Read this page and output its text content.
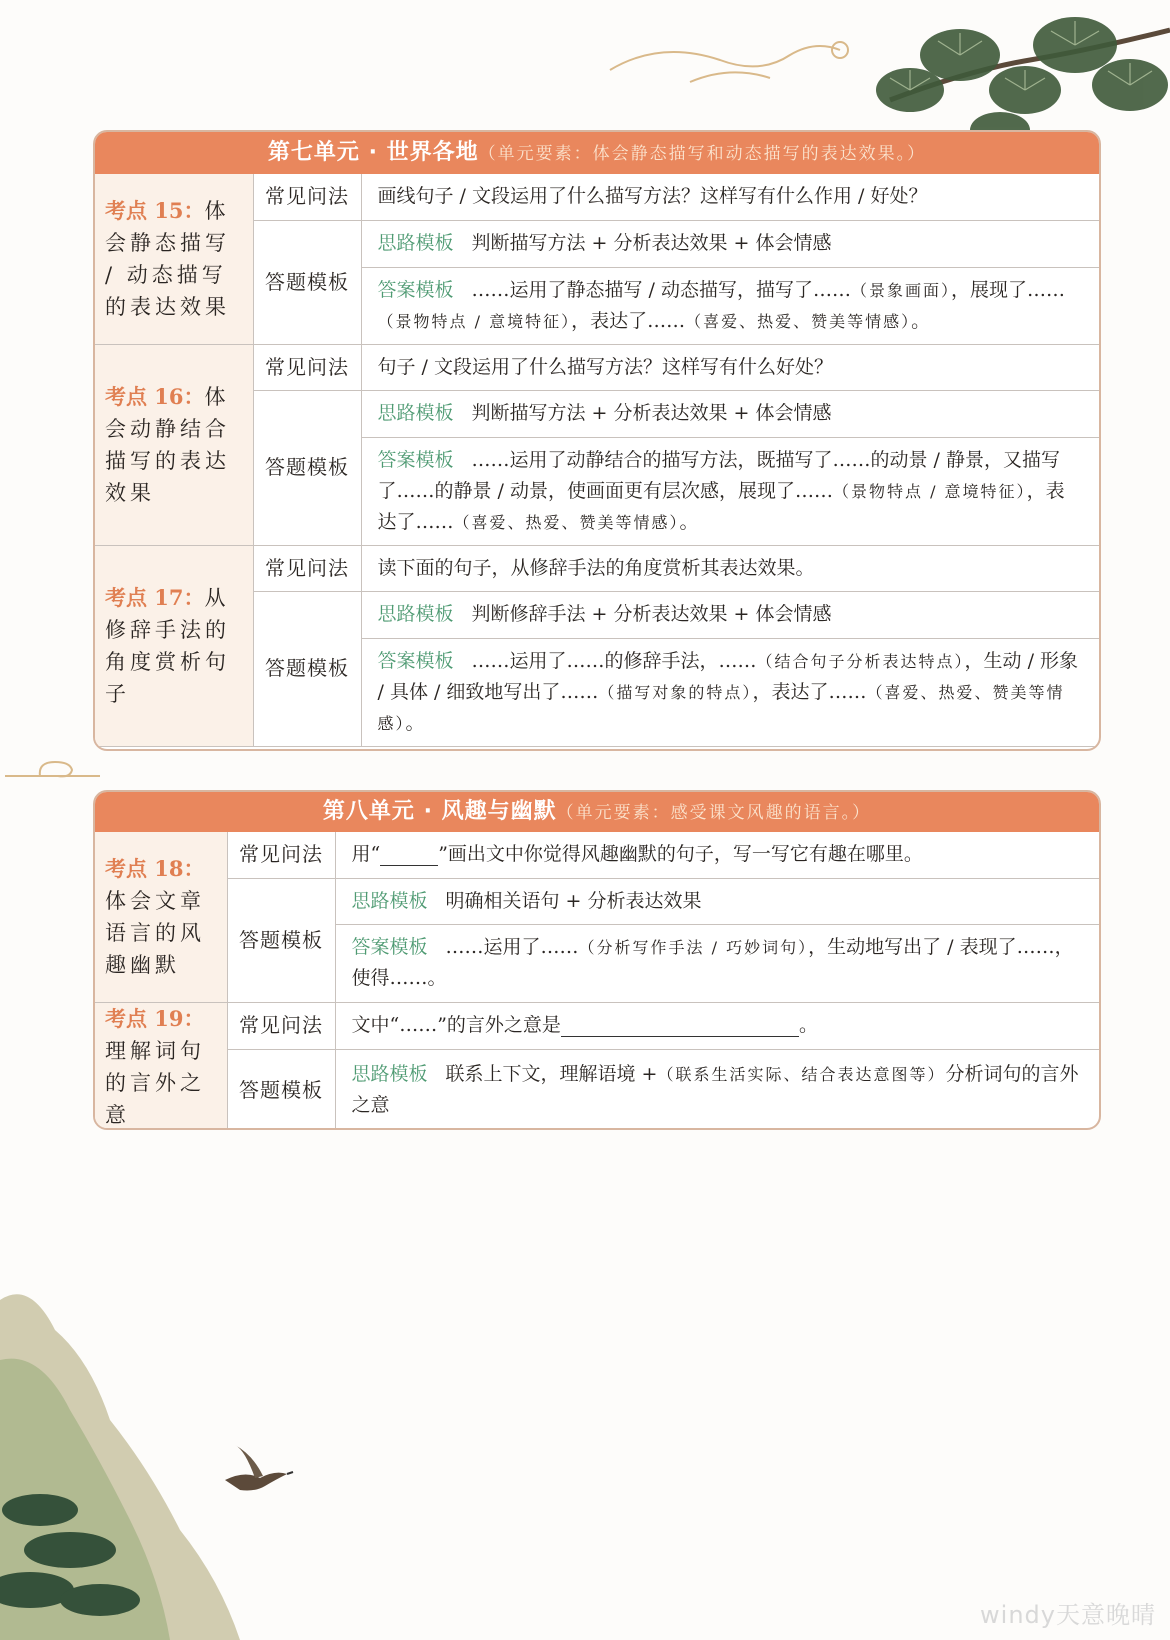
第七单元 · 世界各地（单元要素：体会静态描写和动态描写的表达效果。）
考点 15：体会静态描写 / 动态描写的表达效果	常见问法	画线句子 / 文段运用了什么描写方法？这样写有什么作用 / 好处？
	答题模板	思路模板 判断描写方法 + 分析表达效果 + 体会情感
		答案模板 ……运用了静态描写 / 动态描写，描写了……（景象画面），展现了……（景物特点 / 意境特征），表达了……（喜爱、热爱、赞美等情感）。
考点 16：体会动静结合描写的表达效果	常见问法	句子 / 文段运用了什么描写方法？这样写有什么好处？
	答题模板	思路模板 判断描写方法 + 分析表达效果 + 体会情感
		答案模板 ……运用了动静结合的描写方法，既描写了……的动景 / 静景，又描写了……的静景 / 动景，使画面更有层次感，展现了……（景物特点 / 意境特征），表达了……（喜爱、热爱、赞美等情感）。
考点 17：从修辞手法的角度赏析句子	常见问法	读下面的句子，从修辞手法的角度赏析其表达效果。
	答题模板	思路模板 判断修辞手法 + 分析表达效果 + 体会情感
		答案模板 ……运用了……的修辞手法，……（结合句子分析表达特点），生动 / 形象 / 具体 / 细致地写出了……（描写对象的特点），表达了……（喜爱、热爱、赞美等情感）。
第八单元 · 风趣与幽默（单元要素：感受课文风趣的语言。）
考点 18：体会文章语言的风趣幽默	常见问法	用“ ”画出文中你觉得风趣幽默的句子，写一写它有趣在哪里。
	答题模板	思路模板 明确相关语句 + 分析表达效果
		答案模板 ……运用了……（分析写作手法 / 巧妙词句），生动地写出了 / 表现了……，使得……。
考点 19：理解词句的言外之意	常见问法	文中“……”的言外之意是 。
	答题模板	思路模板 联系上下文，理解语境 +（联系生活实际、结合表达意图等）分析词句的言外之意
windy天意晚晴
